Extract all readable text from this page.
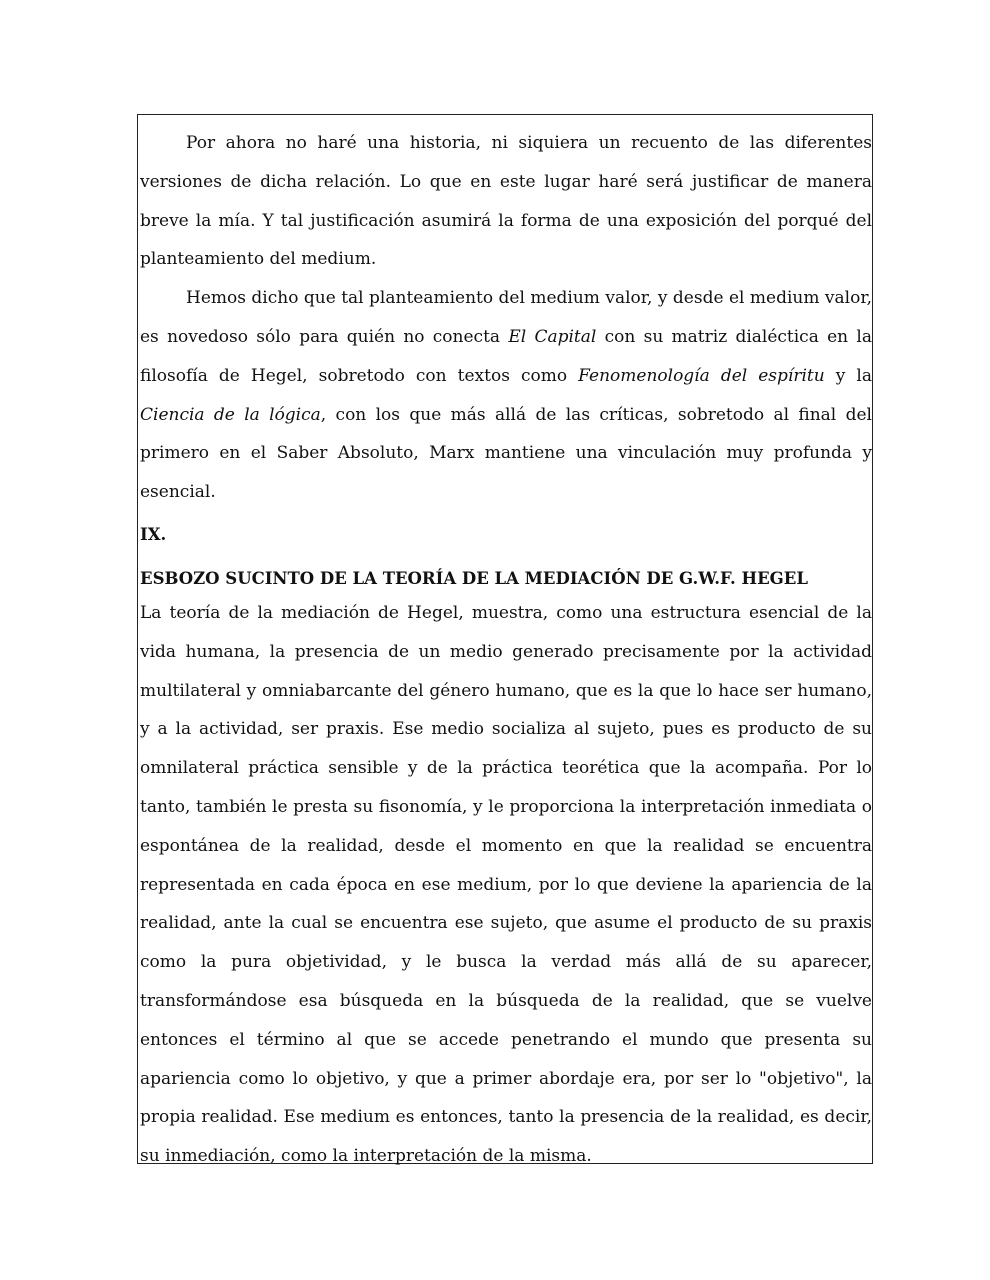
Por ahora no haré una historia, ni siquiera un recuento de las diferentes versiones de dicha relación. Lo que en este lugar haré será justificar de manera breve la mía. Y tal justificación asumirá la forma de una exposición del porqué del planteamiento del medium.

Hemos dicho que tal planteamiento del medium valor, y desde el medium valor, es novedoso sólo para quién no conecta El Capital con su matriz dialéctica en la filosofía de Hegel, sobretodo con textos como Fenomenología del espíritu y la Ciencia de la lógica, con los que más allá de las críticas, sobretodo al final del primero en el Saber Absoluto, Marx mantiene una vinculación muy profunda y esencial.

IX.

ESBOZO SUCINTO DE LA TEORÍA DE LA MEDIACIÓN DE G.W.F. HEGEL

La teoría de la mediación de Hegel, muestra, como una estructura esencial de la vida humana, la presencia de un medio generado precisamente por la actividad multilateral y omniabarcante del género humano, que es la que lo hace ser humano, y a la actividad, ser praxis. Ese medio socializa al sujeto, pues es producto de su omnilateral práctica sensible y de la práctica teorética que la acompaña. Por lo tanto, también le presta su fisonomía, y le proporciona la interpretación inmediata o espontánea de la realidad, desde el momento en que la realidad se encuentra representada en cada época en ese medium, por lo que deviene la apariencia de la realidad, ante la cual se encuentra ese sujeto, que asume el producto de su praxis como la pura objetividad, y le busca la verdad más allá de su aparecer, transformándose esa búsqueda en la búsqueda de la realidad, que se vuelve entonces el término al que se accede penetrando el mundo que presenta su apariencia como lo objetivo, y que a primer abordaje era, por ser lo "objetivo", la propia realidad. Ese medium es entonces, tanto la presencia de la realidad, es decir, su inmediación, como la interpretación de la misma.
